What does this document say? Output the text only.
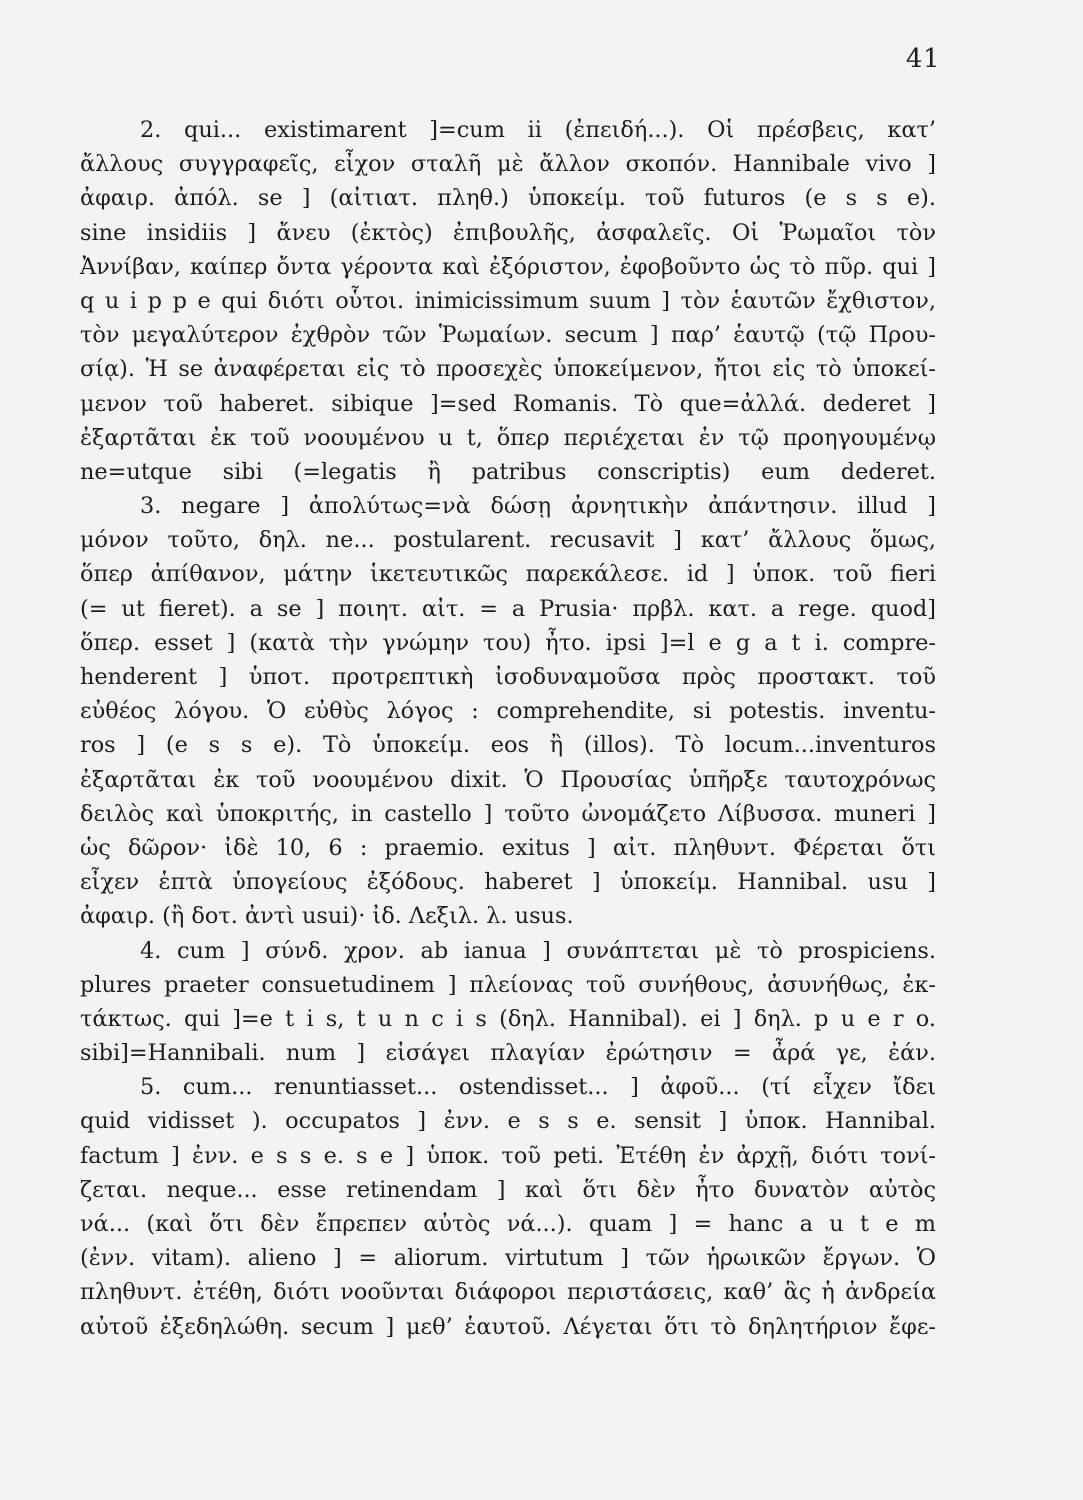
41
2. qui... existimarent ]=cum ii (ἐπειδή...). Οἱ πρέσβεις, κατ’
ἄλλους συγγραφεῖς, εἶχον σταλῆ μὲ ἄλλον σκοπόν. Hannibale vivo ]
ἀφαιρ. ἀπόλ. se ] (αἰτιατ. πληθ.) ὑποκείμ. τοῦ futuros (e s s e).
sine insidiis ] ἄνευ (ἐκτὸς) ἐπιβουλῆς, ἀσφαλεῖς. Οἱ Ῥωμαῖοι τὸν
Ἀννίβαν, καίπερ ὄντα γέροντα καὶ ἐξόριστον, ἐφοβοῦντο ὡς τὸ πῦρ. qui ]
q u i p p e qui διότι οὗτοι. inimicissimum suum ] τὸν ἑαυτῶν ἔχθιστον,
τὸν μεγαλύτερον ἐχθρὸν τῶν Ῥωμαίων. secum ] παρ’ ἑαυτῷ (τῷ Πρου-
σίᾳ). Ἡ se ἀναφέρεται εἰς τὸ προσεχὲς ὑποκείμενον, ἤτοι εἰς τὸ ὑποκεί-
μενον τοῦ haberet. sibique ]=sed Romanis. Τὸ que=ἀλλά. dederet ]
ἐξαρτᾶται ἐκ τοῦ νοουμένου u t, ὅπερ περιέχεται ἐν τῷ προηγουμένῳ
ne=utque sibi (=legatis ἢ patribus conscriptis) eum dederet.
3. negare ] ἀπολύτως=νὰ δώσῃ ἀρνητικὴν ἀπάντησιν. illud ]
μόνον τοῦτο, δηλ. ne... postularent. recusavit ] κατ’ ἄλλους ὅμως,
ὅπερ ἀπίθανον, μάτην ἱκετευτικῶς παρεκάλεσε. id ] ὑποκ. τοῦ fieri
(= ut fieret). a se ] ποιητ. αἰτ. = a Prusia· πρβλ. κατ. a rege. quod]
ὅπερ. esset ] (κατὰ τὴν γνώμην του) ἦτο. ipsi ]=l e g a t i. compre-
henderent ] ὑποτ. προτρεπτικὴ ἰσοδυναμοῦσα πρὸς προστακτ. τοῦ
εὐθέος λόγου. Ὁ εὐθὺς λόγος : comprehendite, si potestis. inventu-
ros ] (e s s e). Τὸ ὑποκείμ. eos ἢ (illos). Τὸ locum...inventuros
ἐξαρτᾶται ἐκ τοῦ νοουμένου dixit. Ὁ Προυσίας ὑπῆρξε ταυτοχρόνως
δειλὸς καὶ ὑποκριτής, in castello ] τοῦτο ὠνομάζετο Λίβυσσα. muneri ]
ὡς δῶρον· ἰδὲ 10, 6 : praemio. exitus ] αἰτ. πληθυντ. Φέρεται ὅτι
εἶχεν ἑπτὰ ὑπογείους ἐξόδους. haberet ] ὑποκείμ. Hannibal. usu ]
ἀφαιρ. (ἢ δοτ. ἀντὶ usui)· ἰδ. Λεξιλ. λ. usus.
4. cum ] σύνδ. χρον. ab ianua ] συνάπτεται μὲ τὸ prospiciens.
plures praeter consuetudinem ] πλείονας τοῦ συνήθους, ἀσυνήθως, ἐκ-
τάκτως. qui ]=e t i s, t u n c i s (δηλ. Hannibal). ei ] δηλ. p u e r o.
sibi]=Hannibali. num ] εἰσάγει πλαγίαν ἐρώτησιν = ἆρά γε, ἐάν.
5. cum... renuntiasset... ostendisset... ] ἀφοῦ... (τί εἶχεν ἴδει
quid vidisset ). occupatos ] ἐνν. e s s e. sensit ] ὑποκ. Hannibal.
factum ] ἐνν. e s s e. s e ] ὑποκ. τοῦ peti. Ἐτέθη ἐν ἀρχῇ, διότι τονί-
ζεται. neque... esse retinendam ] καὶ ὅτι δὲν ἦτο δυνατὸν αὐτὸς
νά... (καὶ ὅτι δὲν ἔπρεπεν αὐτὸς νά...). quam ] = hanc a u t e m
(ἐνν. vitam). alieno ] = aliorum. virtutum ] τῶν ἡρωικῶν ἔργων. Ὁ
πληθυντ. ἐτέθη, διότι νοοῦνται διάφοροι περιστάσεις, καθ’ ἃς ἡ ἀνδρεία
αὐτοῦ ἐξεδηλώθη. secum ] μεθ’ ἑαυτοῦ. Λέγεται ὅτι τὸ δηλητήριον ἔφε-
